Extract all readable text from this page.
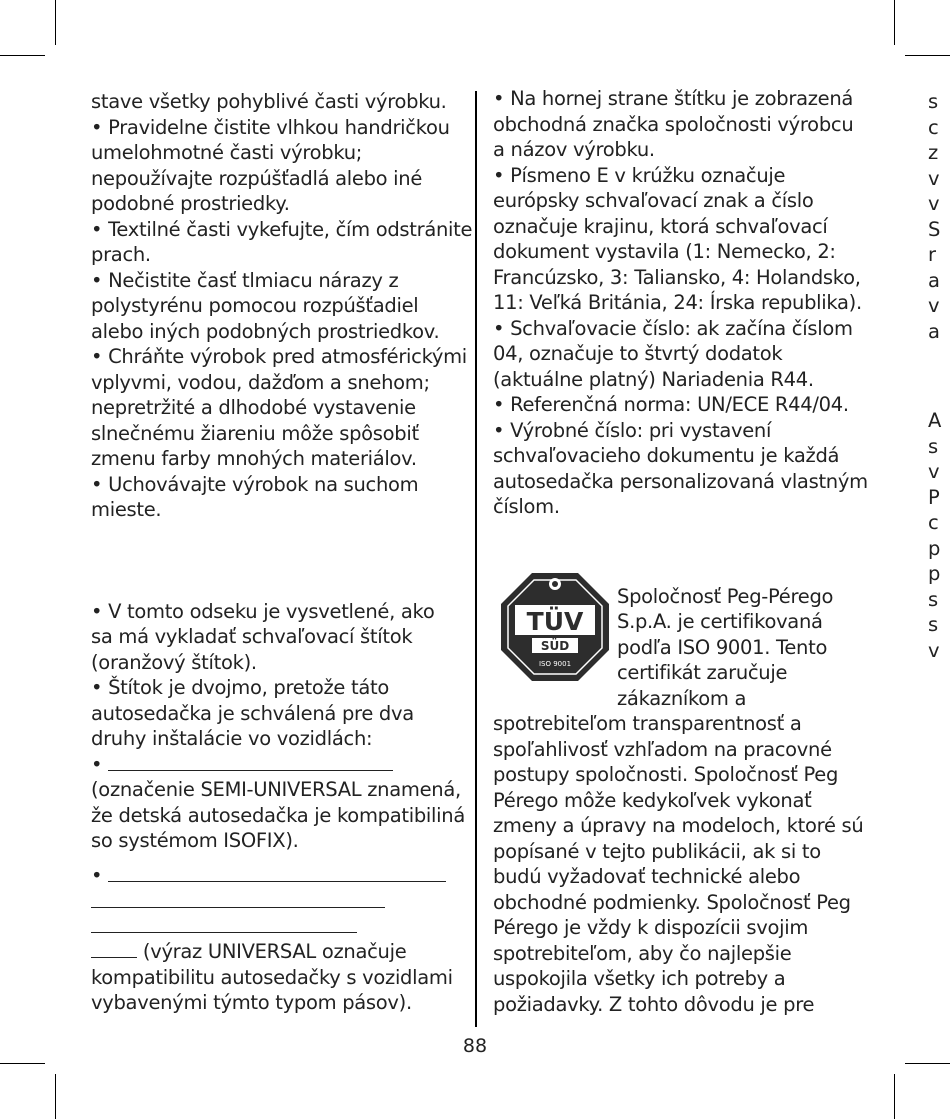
stave všetky pohyblivé časti výrobku.

• Pravidelne čistite vlhkou handričkou

umelohmotné časti výrobku;

nepoužívajte rozpúšťadlá alebo iné

podobné prostriedky.

• Textilné časti vykefujte, čím odstránite

prach.

• Nečistite časť tlmiacu nárazy z

polystyrénu pomocou rozpúšťadiel

alebo iných podobných prostriedkov.

• Chráňte výrobok pred atmosférickými

vplyvmi, vodou, dažďom a snehom;

nepretržité a dlhodobé vystavenie

slnečnému žiareniu môže spôsobiť

zmenu farby mnohých materiálov.

• Uchovávajte výrobok na suchom

mieste.

• V tomto odseku je vysvetlené, ako

sa má vykladať schvaľovací štítok

(oranžový štítok).

• Štítok je dvojmo, pretože táto

autosedačka je schválená pre dva

druhy inštalácie vo vozidlách:

•

(označenie SEMI-UNIVERSAL znamená,

že detská autosedačka je kompatibiliná

so systémom ISOFIX).

•

(výraz UNIVERSAL označuje

kompatibilitu autosedačky s vozidlami

vybavenými týmto typom pásov).

• Na hornej strane štítku je zobrazená

obchodná značka spoločnosti výrobcu

a názov výrobku.

• Písmeno E v krúžku označuje

európsky schvaľovací znak a číslo

označuje krajinu, ktorá schvaľovací

dokument vystavila (1: Nemecko, 2:

Francúzsko, 3: Taliansko, 4: Holandsko,

11: Veľká Británia, 24: Írska republika).

• Schvaľovacie číslo: ak začína číslom

04, označuje to štvrtý dodatok

(aktuálne platný) Nariadenia R44.

• Referenčná norma: UN/ECE R44/04.

• Výrobné číslo: pri vystavení

schvaľovacieho dokumentu je každá

autosedačka personalizovaná vlastným

číslom.

Spoločnosť Peg-Pérego

S.p.A. je certifikovaná

podľa ISO 9001. Tento

certifikát zaručuje

zákazníkom a

spotrebiteľom transparentnosť a

spoľahlivosť vzhľadom na pracovné

postupy spoločnosti. Spoločnosť Peg

Pérego môže kedykoľvek vykonať

zmeny a úpravy na modeloch, ktoré sú

popísané v tejto publikácii, ak si to

budú vyžadovať technické alebo

obchodné podmienky. Spoločnosť Peg

Pérego je vždy k dispozícii svojim

spotrebiteľom, aby čo najlepšie

uspokojila všetky ich potreby a

požiadavky. Z tohto dôvodu je pre

TÜV
SÜD
ISO 9001

s

c

z

v

v

S

r

a

v

a

A

s

v

P

c

p

p

s

s

v

88
